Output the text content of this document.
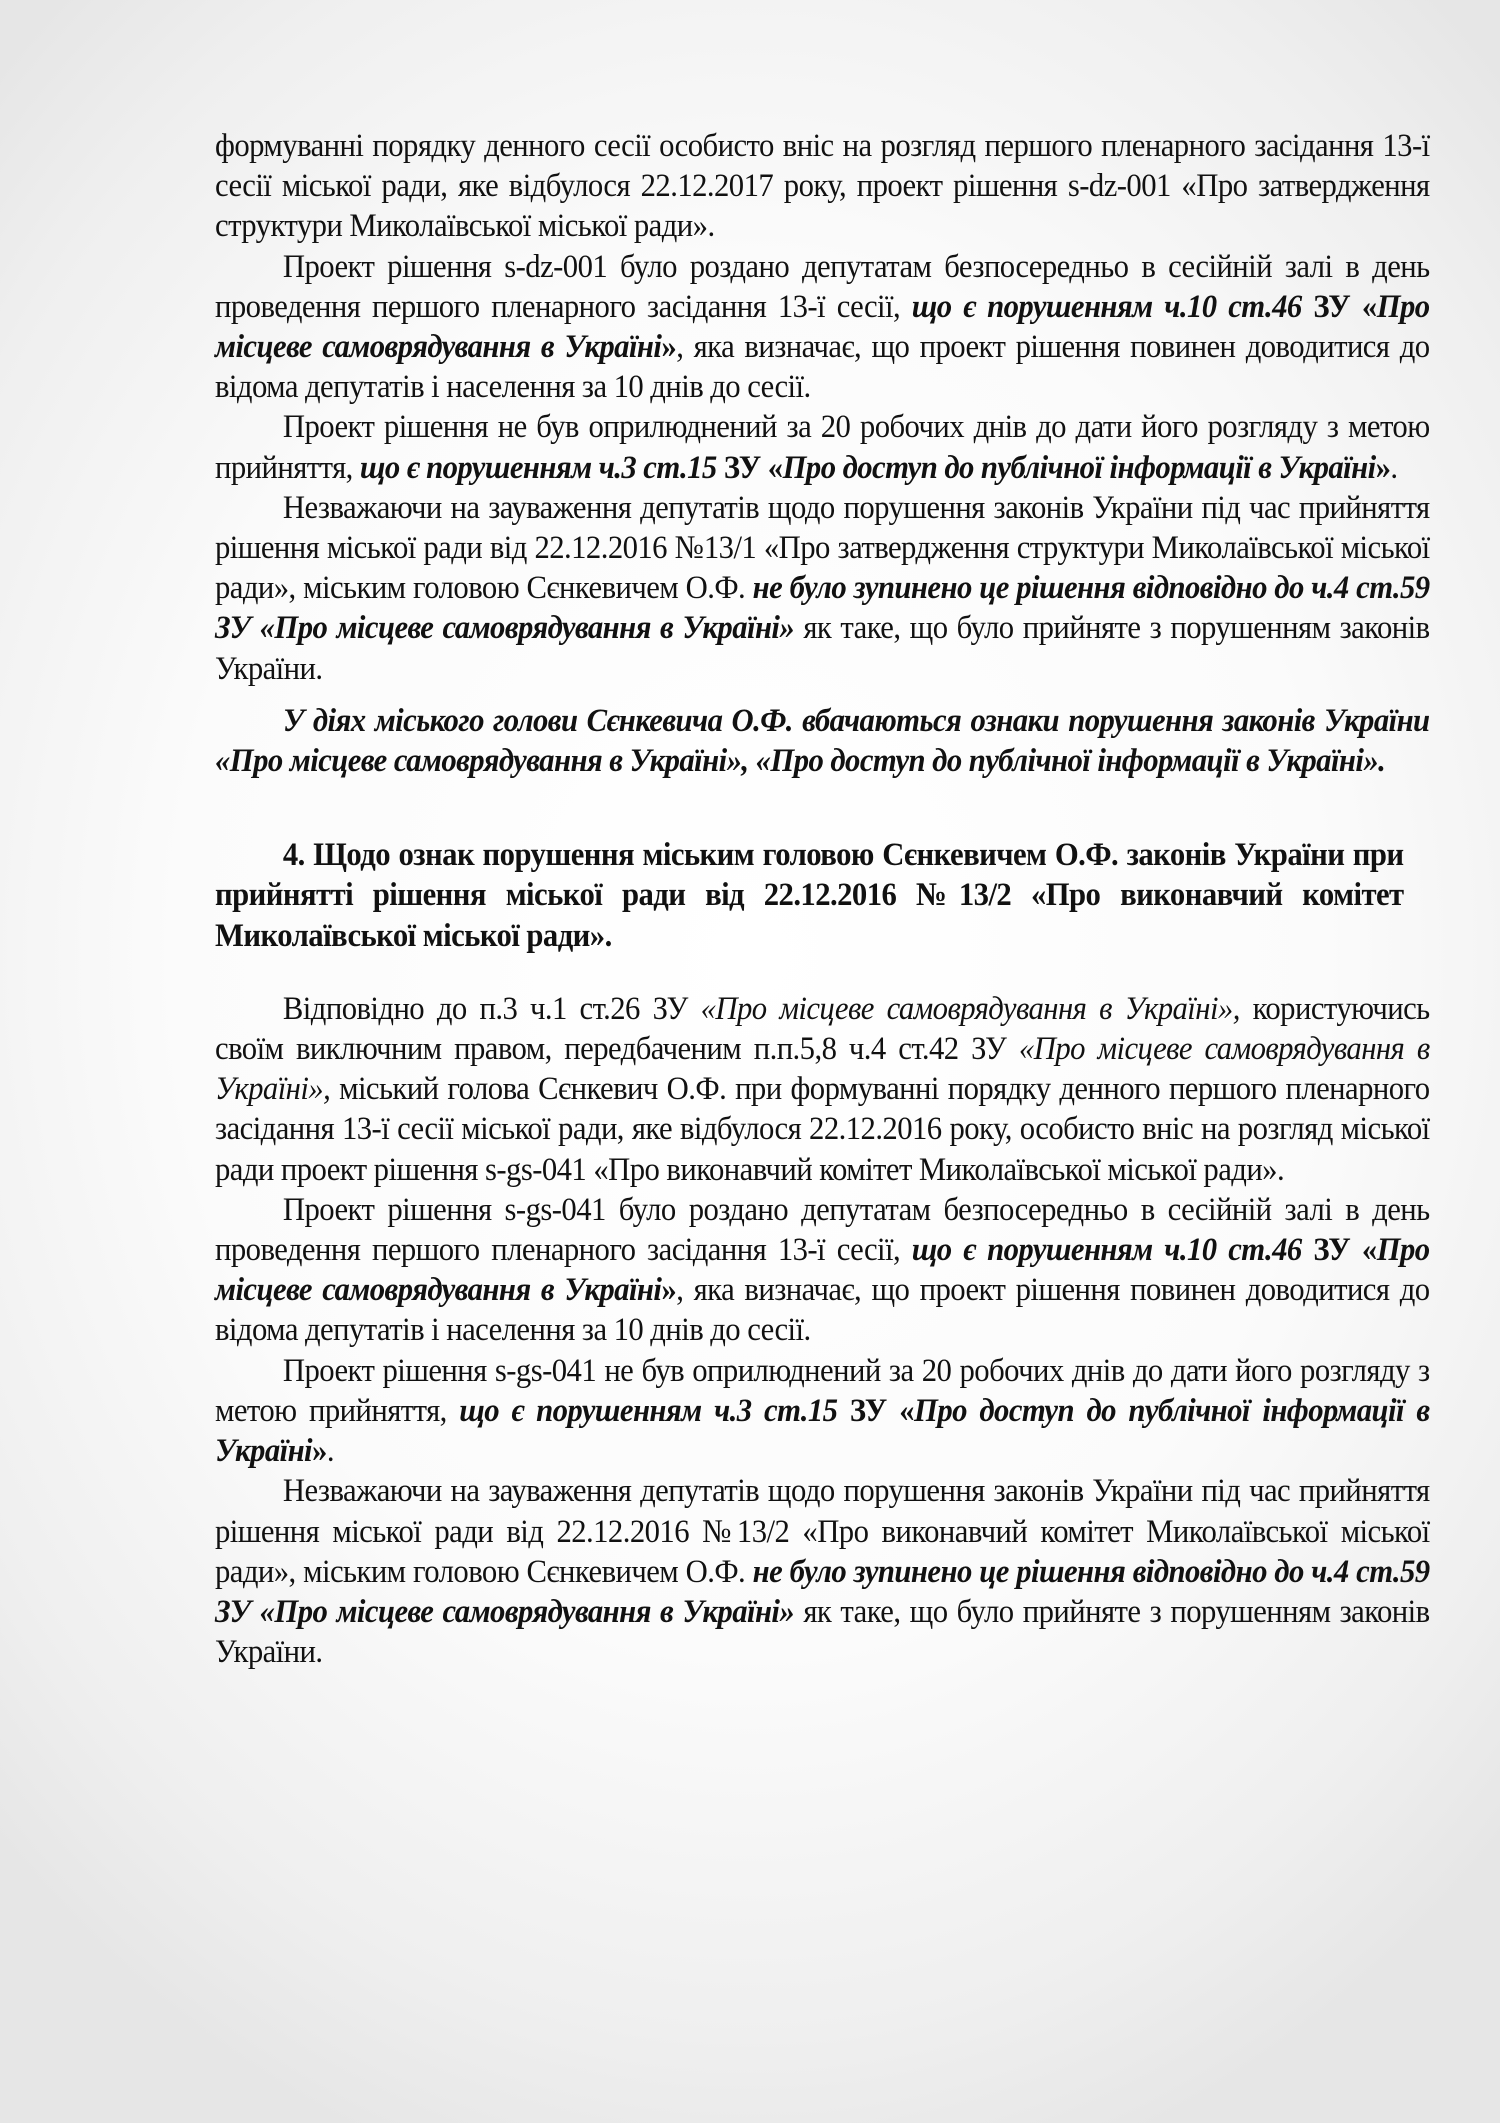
формуванні порядку денного сесії особисто вніс на розгляд першого пленарного засідання 13-ї сесії міської ради, яке відбулося 22.12.2017 року, проект рішення s-dz-001 «Про затвердження структури Миколаївської міської ради».

Проект рішення s-dz-001 було роздано депутатам безпосередньо в сесійній залі в день проведення першого пленарного засідання 13-ї сесії, що є порушенням ч.10 ст.46 ЗУ «Про місцеве самоврядування в Україні», яка визначає, що проект рішення повинен доводитися до відома депутатів і населення за 10 днів до сесії.

Проект рішення не був оприлюднений за 20 робочих днів до дати його розгляду з метою прийняття, що є порушенням ч.3 ст.15 ЗУ «Про доступ до публічної інформації в Україні».

Незважаючи на зауваження депутатів щодо порушення законів України під час прийняття рішення міської ради від 22.12.2016 №13/1 «Про затвердження структури Миколаївської міської ради», міським головою Сєнкевичем О.Ф. не було зупинено це рішення відповідно до ч.4 ст.59 ЗУ «Про місцеве самоврядування в Україні» як таке, що було прийняте з порушенням законів України.

У діях міського голови Сєнкевича О.Ф. вбачаються ознаки порушення законів України «Про місцеве самоврядування в Україні», «Про доступ до публічної інформації в Україні».

4. Щодо ознак порушення міським головою Сєнкевичем О.Ф. законів України при прийнятті рішення міської ради від 22.12.2016 №13/2 «Про виконавчий комітет Миколаївської міської ради».

Відповідно до п.3 ч.1 ст.26 ЗУ «Про місцеве самоврядування в Україні», користуючись своїм виключним правом, передбаченим п.п.5,8 ч.4 ст.42 ЗУ «Про місцеве самоврядування в Україні», міський голова Сєнкевич О.Ф. при формуванні порядку денного першого пленарного засідання 13-ї сесії міської ради, яке відбулося 22.12.2016 року, особисто вніс на розгляд міської ради проект рішення s-gs-041 «Про виконавчий комітет Миколаївської міської ради».

Проект рішення s-gs-041 було роздано депутатам безпосередньо в сесійній залі в день проведення першого пленарного засідання 13-ї сесії, що є порушенням ч.10 ст.46 ЗУ «Про місцеве самоврядування в Україні», яка визначає, що проект рішення повинен доводитися до відома депутатів і населення за 10 днів до сесії.

Проект рішення s-gs-041 не був оприлюднений за 20 робочих днів до дати його розгляду з метою прийняття, що є порушенням ч.3 ст.15 ЗУ «Про доступ до публічної інформації в Україні».

Незважаючи на зауваження депутатів щодо порушення законів України під час прийняття рішення міської ради від 22.12.2016 №13/2 «Про виконавчий комітет Миколаївської міської ради», міським головою Сєнкевичем О.Ф. не було зупинено це рішення відповідно до ч.4 ст.59 ЗУ «Про місцеве самоврядування в Україні» як таке, що було прийняте з порушенням законів України.
